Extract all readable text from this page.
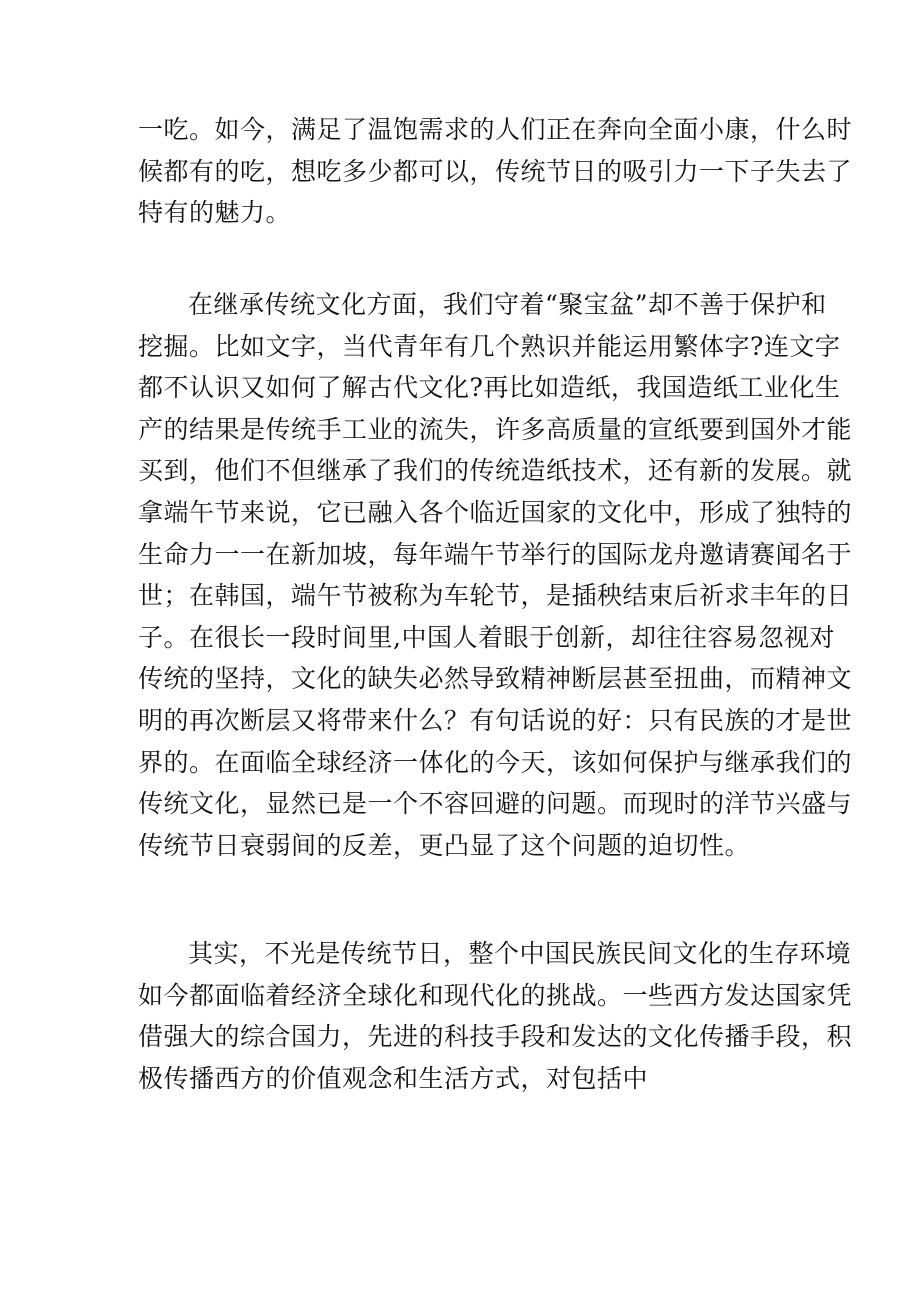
一吃。如今，满足了温饱需求的人们正在奔向全面小康，什么时
候都有的吃，想吃多少都可以，传统节日的吸引力一下子失去了
特有的魅力。
在继承传统文化方面，我们守着“聚宝盆”却不善于保护和
挖掘。比如文字，当代青年有几个熟识并能运用繁体字?连文字
都不认识又如何了解古代文化?再比如造纸，我国造纸工业化生
产的结果是传统手工业的流失，许多高质量的宣纸要到国外才能
买到，他们不但继承了我们的传统造纸技术，还有新的发展。就
拿端午节来说，它已融入各个临近国家的文化中，形成了独特的
生命力一一在新加坡，每年端午节举行的国际龙舟邀请赛闻名于
世；在韩国，端午节被称为车轮节，是插秧结束后祈求丰年的日
子。在很长一段时间里,中国人着眼于创新，却往往容易忽视对
传统的坚持，文化的缺失必然导致精神断层甚至扭曲，而精神文
明的再次断层又将带来什么？有句话说的好：只有民族的才是世
界的。在面临全球经济一体化的今天，该如何保护与继承我们的
传统文化，显然已是一个不容回避的问题。而现时的洋节兴盛与
传统节日衰弱间的反差，更凸显了这个问题的迫切性。
其实，不光是传统节日，整个中国民族民间文化的生存环境
如今都面临着经济全球化和现代化的挑战。一些西方发达国家凭
借强大的综合国力，先进的科技手段和发达的文化传播手段，积
极传播西方的价值观念和生活方式，对包括中
